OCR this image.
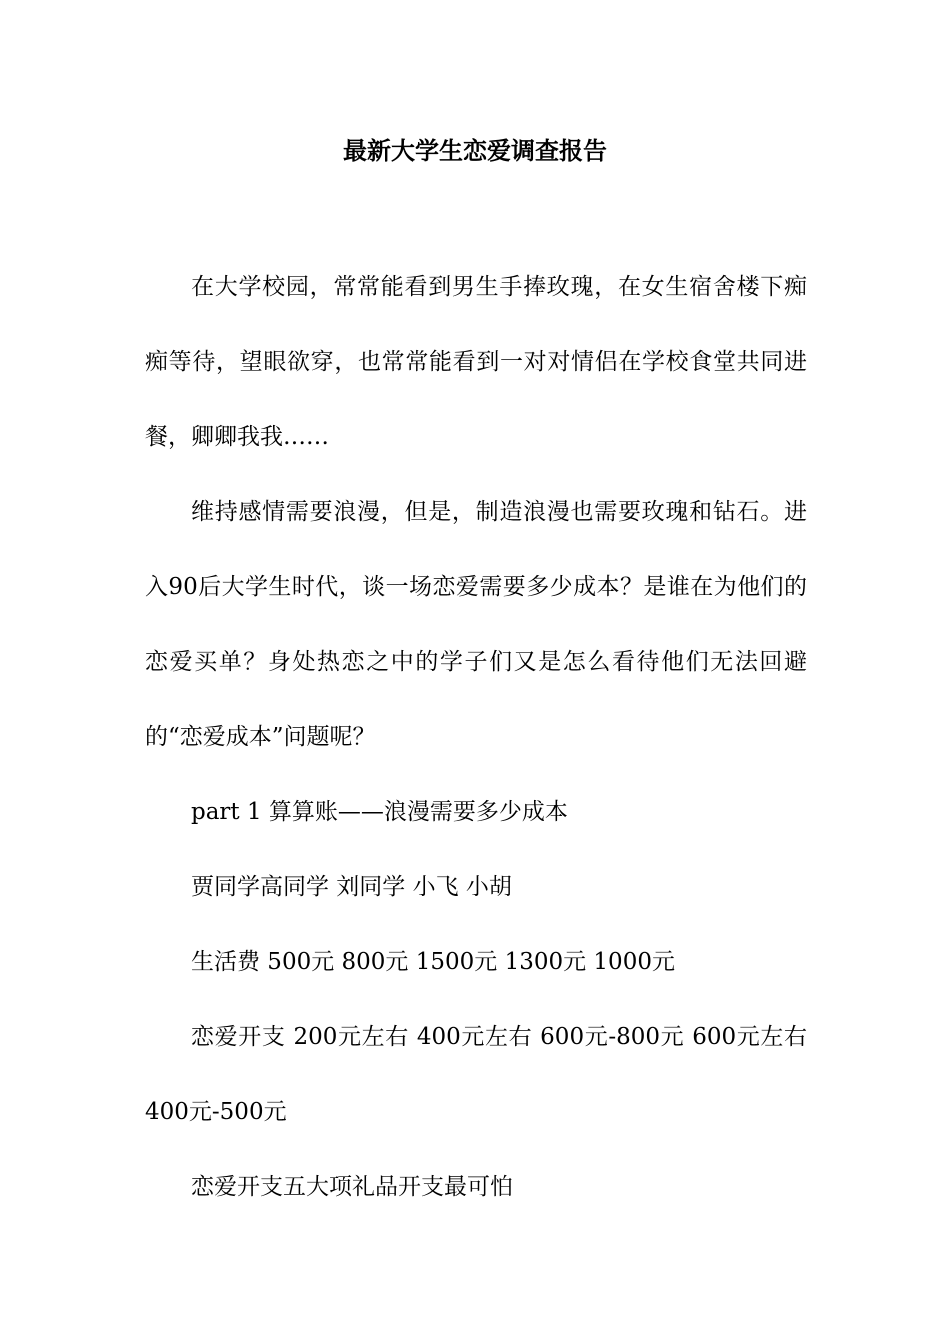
最新大学生恋爱调查报告

在大学校园，常常能看到男生手捧玫瑰，在女生宿舍楼下痴痴等待，望眼欲穿，也常常能看到一对对情侣在学校食堂共同进餐，卿卿我我……

维持感情需要浪漫，但是，制造浪漫也需要玫瑰和钻石。进入90后大学生时代，谈一场恋爱需要多少成本？是谁在为他们的恋爱买单？身处热恋之中的学子们又是怎么看待他们无法回避的“恋爱成本”问题呢？

part 1 算算账——浪漫需要多少成本

贾同学高同学 刘同学 小飞 小胡

生活费 500元 800元 1500元 1300元 1000元

恋爱开支 200元左右 400元左右 600元-800元 600元左右 400元-500元

恋爱开支五大项礼品开支最可怕
